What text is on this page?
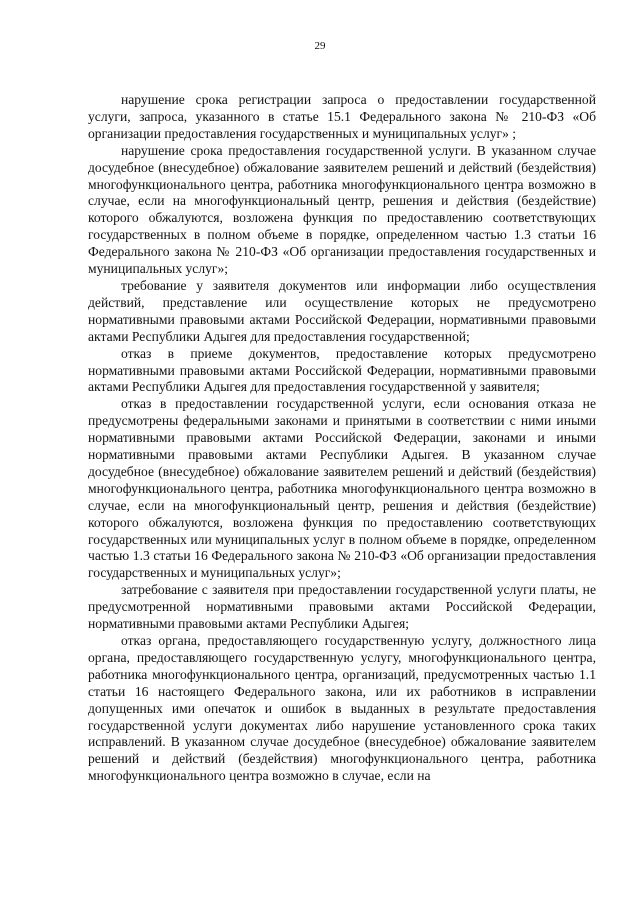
29

нарушение срока регистрации запроса о предоставлении государственной услуги, запроса, указанного в статье 15.1 Федерального закона № 210-ФЗ «Об организации предоставления государственных и муниципальных услуг» ;

нарушение срока предоставления государственной услуги. В указанном случае досудебное (внесудебное) обжалование заявителем решений и действий (бездействия) многофункционального центра, работника многофункционального центра возможно в случае, если на многофункциональный центр, решения и действия (бездействие) которого обжалуются, возложена функция по предоставлению соответствующих государственных в полном объеме в порядке, определенном частью 1.3 статьи 16 Федерального закона № 210-ФЗ «Об организации предоставления государственных и муниципальных услуг»;

требование у заявителя документов или информации либо осуществления действий, представление или осуществление которых не предусмотрено нормативными правовыми актами Российской Федерации, нормативными правовыми актами Республики Адыгея для предоставления государственной;

отказ в приеме документов, предоставление которых предусмотрено нормативными правовыми актами Российской Федерации, нормативными правовыми актами Республики Адыгея для предоставления государственной у заявителя;

отказ в предоставлении государственной услуги, если основания отказа не предусмотрены федеральными законами и принятыми в соответствии с ними иными нормативными правовыми актами Российской Федерации, законами и иными нормативными правовыми актами Республики Адыгея. В указанном случае досудебное (внесудебное) обжалование заявителем решений и действий (бездействия) многофункционального центра, работника многофункционального центра возможно в случае, если на многофункциональный центр, решения и действия (бездействие) которого обжалуются, возложена функция по предоставлению соответствующих государственных или муниципальных услуг в полном объеме в порядке, определенном частью 1.3 статьи 16 Федерального закона № 210-ФЗ «Об организации предоставления государственных и муниципальных услуг»;

затребование с заявителя при предоставлении государственной услуги платы, не предусмотренной нормативными правовыми актами Российской Федерации, нормативными правовыми актами Республики Адыгея;

отказ органа, предоставляющего государственную услугу, должностного лица органа, предоставляющего государственную услугу, многофункционального центра, работника многофункционального центра, организаций, предусмотренных частью 1.1 статьи 16 настоящего Федерального закона, или их работников в исправлении допущенных ими опечаток и ошибок в выданных в результате предоставления государственной услуги документах либо нарушение установленного срока таких исправлений. В указанном случае досудебное (внесудебное) обжалование заявителем решений и действий (бездействия) многофункционального центра, работника многофункционального центра возможно в случае, если на
